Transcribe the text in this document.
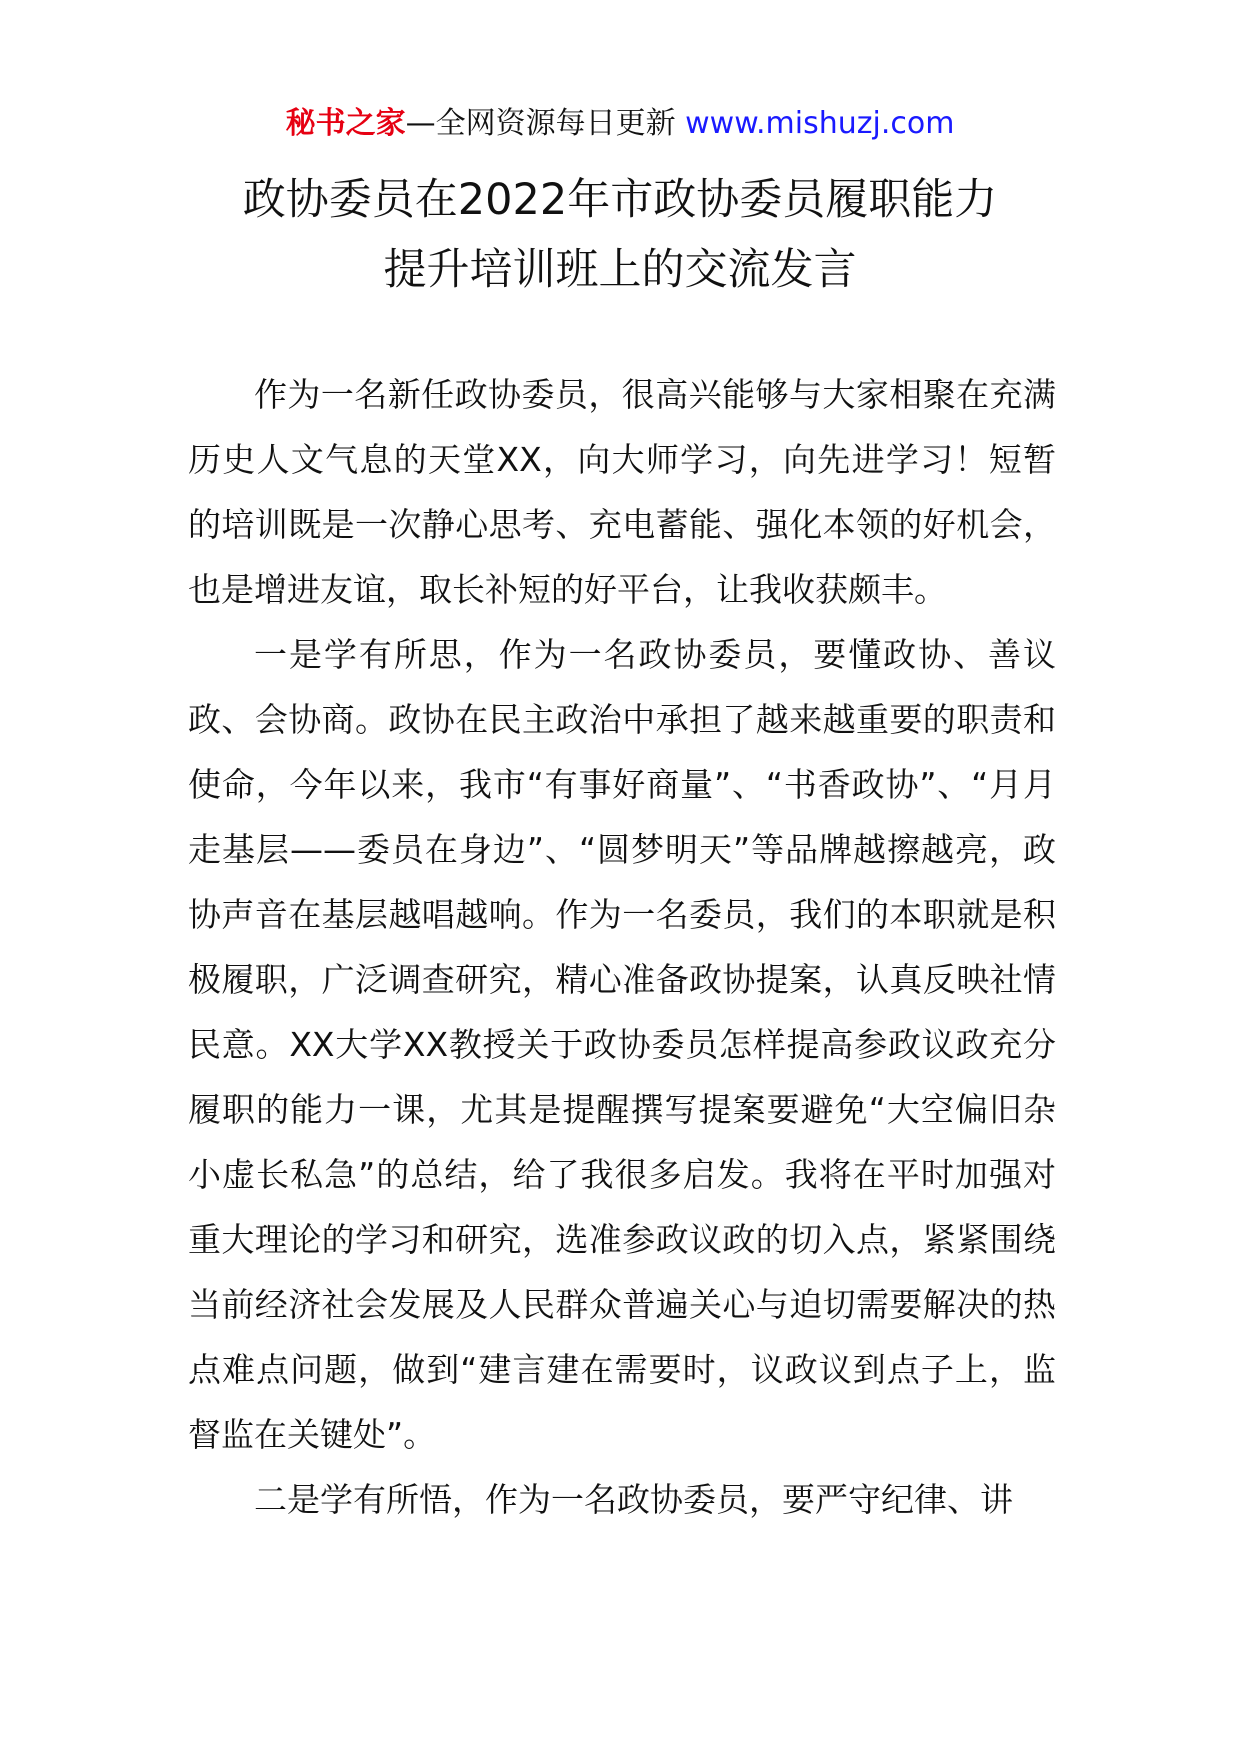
秘书之家—全网资源每日更新 www.mishuzj.com
政协委员在2022年市政协委员履职能力
提升培训班上的交流发言

作为一名新任政协委员，很高兴能够与大家相聚在充满历史人文气息的天堂XX，向大师学习，向先进学习！短暂的培训既是一次静心思考、充电蓄能、强化本领的好机会，也是增进友谊，取长补短的好平台，让我收获颇丰。

一是学有所思，作为一名政协委员，要懂政协、善议政、会协商。政协在民主政治中承担了越来越重要的职责和使命，今年以来，我市“有事好商量”、“书香政协”、“月月走基层——委员在身边”、“圆梦明天”等品牌越擦越亮，政协声音在基层越唱越响。作为一名委员，我们的本职就是积极履职，广泛调查研究，精心准备政协提案，认真反映社情民意。XX大学XX教授关于政协委员怎样提高参政议政充分履职的能力一课，尤其是提醒撰写提案要避免“大空偏旧杂小虚长私急”的总结，给了我很多启发。我将在平时加强对重大理论的学习和研究，选准参政议政的切入点，紧紧围绕当前经济社会发展及人民群众普遍关心与迫切需要解决的热点难点问题，做到“建言建在需要时，议政议到点子上，监督监在关键处”。

二是学有所悟，作为一名政协委员，要严守纪律、讲
